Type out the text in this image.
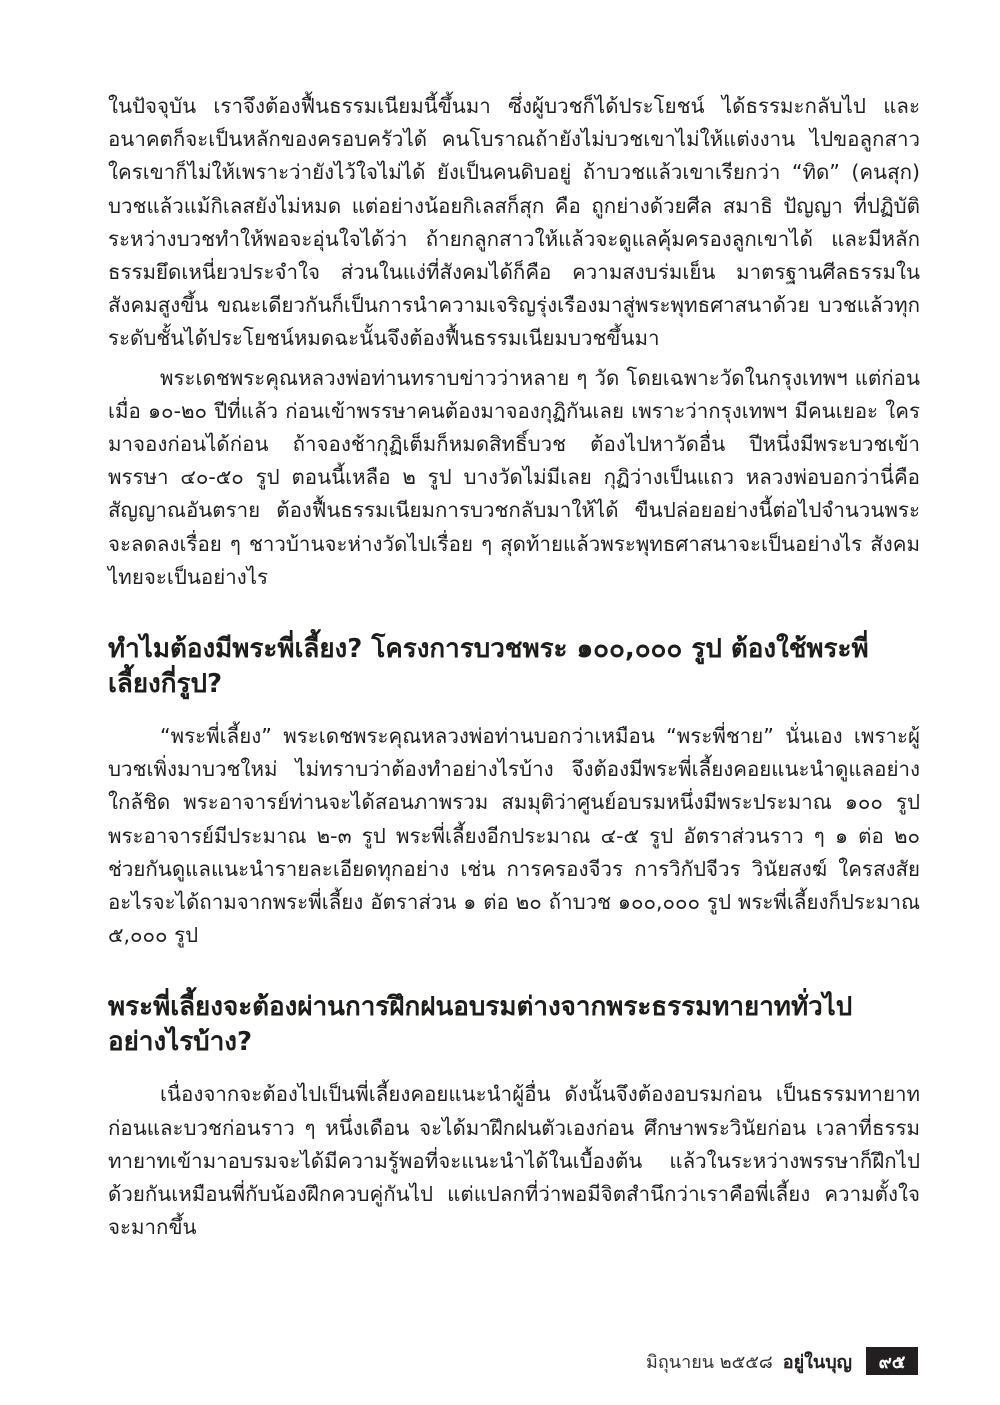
ในปัจจุบัน เราจึงต้องฟื้นธรรมเนียมนี้ขึ้นมา ซึ่งผู้บวชก็ได้ประโยชน์ ได้ธรรมะกลับไป และอนาคตก็จะเป็นหลักของครอบครัวได้ คนโบราณถ้ายังไม่บวชเขาไม่ให้แต่งงาน ไปขอลูกสาวใครเขาก็ไม่ให้เพราะว่ายังไว้ใจไม่ได้ ยังเป็นคนดิบอยู่ ถ้าบวชแล้วเขาเรียกว่า “ทิด” (คนสุก) บวชแล้วแม้กิเลสยังไม่หมด แต่อย่างน้อยกิเลสก็สุก คือ ถูกย่างด้วยศีล สมาธิ ปัญญา ที่ปฏิบัติระหว่างบวชทำให้พอจะอุ่นใจได้ว่า ถ้ายกลูกสาวให้แล้วจะดูแลคุ้มครองลูกเขาได้ และมีหลักธรรมยึดเหนี่ยวประจำใจ ส่วนในแง่ที่สังคมได้ก็คือ ความสงบร่มเย็น มาตรฐานศีลธรรมในสังคมสูงขึ้น ขณะเดียวกันก็เป็นการนำความเจริญรุ่งเรืองมาสู่พระพุทธศาสนาด้วย บวชแล้วทุกระดับชั้นได้ประโยชน์หมดฉะนั้นจึงต้องฟื้นธรรมเนียมบวชขึ้นมา

พระเดชพระคุณหลวงพ่อท่านทราบข่าวว่าหลาย ๆ วัด โดยเฉพาะวัดในกรุงเทพฯ แต่ก่อนเมื่อ ๑๐-๒๐ ปีที่แล้ว ก่อนเข้าพรรษาคนต้องมาจองกุฏิกันเลย เพราะว่ากรุงเทพฯ มีคนเยอะ ใครมาจองก่อนได้ก่อน ถ้าจองช้ากุฏิเต็มก็หมดสิทธิ์บวช ต้องไปหาวัดอื่น ปีหนึ่งมีพระบวชเข้าพรรษา ๔๐-๕๐ รูป ตอนนี้เหลือ ๒ รูป บางวัดไม่มีเลย กุฏิว่างเป็นแถว หลวงพ่อบอกว่านี่คือสัญญาณอันตราย ต้องฟื้นธรรมเนียมการบวชกลับมาให้ได้ ขืนปล่อยอย่างนี้ต่อไปจำนวนพระจะลดลงเรื่อย ๆ ชาวบ้านจะห่างวัดไปเรื่อย ๆ สุดท้ายแล้วพระพุทธศาสนาจะเป็นอย่างไร สังคมไทยจะเป็นอย่างไร

ทำไมต้องมีพระพี่เลี้ยง? โครงการบวชพระ ๑๐๐,๐๐๐ รูป ต้องใช้พระพี่เลี้ยงกี่รูป?

“พระพี่เลี้ยง” พระเดชพระคุณหลวงพ่อท่านบอกว่าเหมือน “พระพี่ชาย” นั่นเอง เพราะผู้บวชเพิ่งมาบวชใหม่ ไม่ทราบว่าต้องทำอย่างไรบ้าง จึงต้องมีพระพี่เลี้ยงคอยแนะนำดูแลอย่างใกล้ชิด พระอาจารย์ท่านจะได้สอนภาพรวม สมมุติว่าศูนย์อบรมหนึ่งมีพระประมาณ ๑๐๐ รูป พระอาจารย์มีประมาณ ๒-๓ รูป พระพี่เลี้ยงอีกประมาณ ๔-๕ รูป อัตราส่วนราว ๆ ๑ ต่อ ๒๐ ช่วยกันดูแลแนะนำรายละเอียดทุกอย่าง เช่น การครองจีวร การวิกัปจีวร วินัยสงฆ์ ใครสงสัยอะไรจะได้ถามจากพระพี่เลี้ยง อัตราส่วน ๑ ต่อ ๒๐ ถ้าบวช ๑๐๐,๐๐๐ รูป พระพี่เลี้ยงก็ประมาณ ๕,๐๐๐ รูป

พระพี่เลี้ยงจะต้องผ่านการฝึกฝนอบรมต่างจากพระธรรมทายาททั่วไปอย่างไรบ้าง?

เนื่องจากจะต้องไปเป็นพี่เลี้ยงคอยแนะนำผู้อื่น ดังนั้นจึงต้องอบรมก่อน เป็นธรรมทายาทก่อนและบวชก่อนราว ๆ หนึ่งเดือน จะได้มาฝึกฝนตัวเองก่อน ศึกษาพระวินัยก่อน เวลาที่ธรรมทายาทเข้ามาอบรมจะได้มีความรู้พอที่จะแนะนำได้ในเบื้องต้น แล้วในระหว่างพรรษาก็ฝึกไปด้วยกันเหมือนพี่กับน้องฝึกควบคู่กันไป แต่แปลกที่ว่าพอมีจิตสำนึกว่าเราคือพี่เลี้ยง ความตั้งใจจะมากขึ้น

มิถุนายน ๒๕๕๘ อยู่ในบุญ	๙๕
